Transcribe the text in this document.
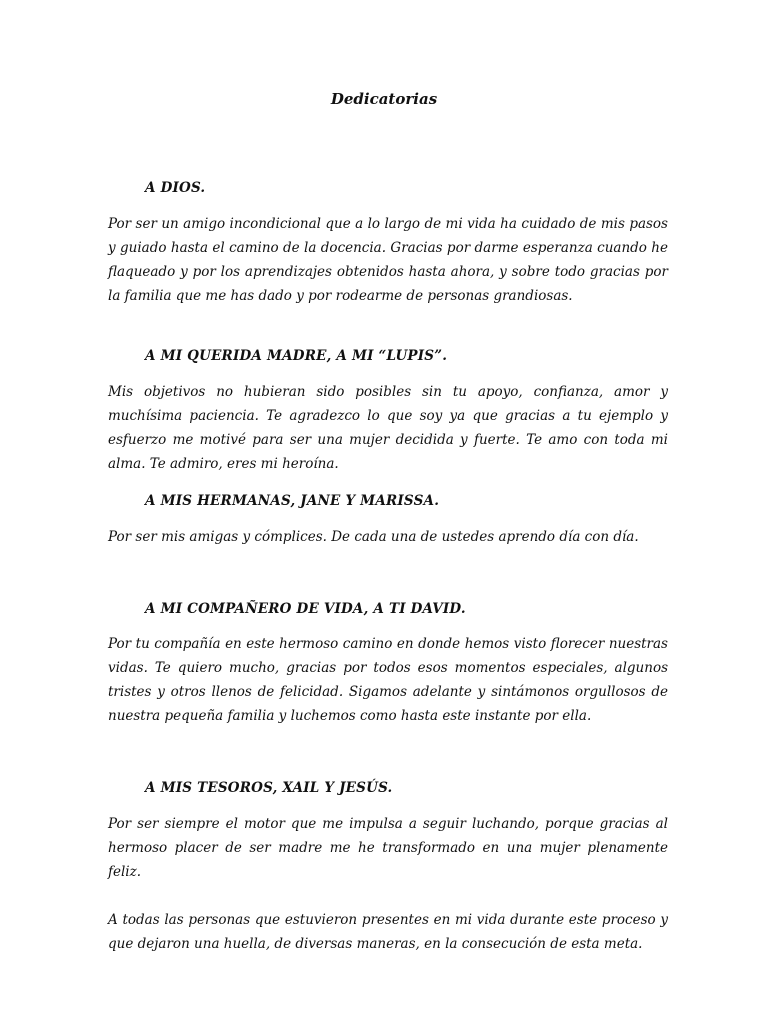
Dedicatorias
A DIOS.
Por ser un amigo incondicional que a lo largo de mi vida ha cuidado de mis pasos y guiado hasta el camino de la docencia. Gracias por darme esperanza cuando he flaqueado y por los aprendizajes obtenidos hasta ahora, y sobre todo gracias por la familia que me has dado y por rodearme de personas grandiosas.
A MI QUERIDA MADRE, A MI “LUPIS”.
Mis objetivos no hubieran sido posibles sin tu apoyo, confianza, amor y muchísima paciencia. Te agradezco lo que soy ya que gracias a tu ejemplo y esfuerzo me motivé para ser una mujer decidida y fuerte. Te amo con toda mi alma. Te admiro, eres mi heroína.
A MIS HERMANAS, JANE Y MARISSA.
Por ser mis amigas y cómplices. De cada una de ustedes aprendo día con día.
A MI COMPAÑERO DE VIDA, A TI DAVID.
Por tu compañía en este hermoso camino en donde hemos visto florecer nuestras vidas. Te quiero mucho, gracias por todos esos momentos especiales, algunos tristes y otros llenos de felicidad. Sigamos adelante y sintámonos orgullosos de nuestra pequeña familia y luchemos como hasta este instante por ella.
A MIS TESOROS, XAIL Y JESÚS.
Por ser siempre el motor que me impulsa a seguir luchando, porque gracias al hermoso placer de ser madre me he transformado en una mujer plenamente feliz.
A todas las personas que estuvieron presentes en mi vida durante este proceso y que dejaron una huella, de diversas maneras, en la consecución de esta meta.
